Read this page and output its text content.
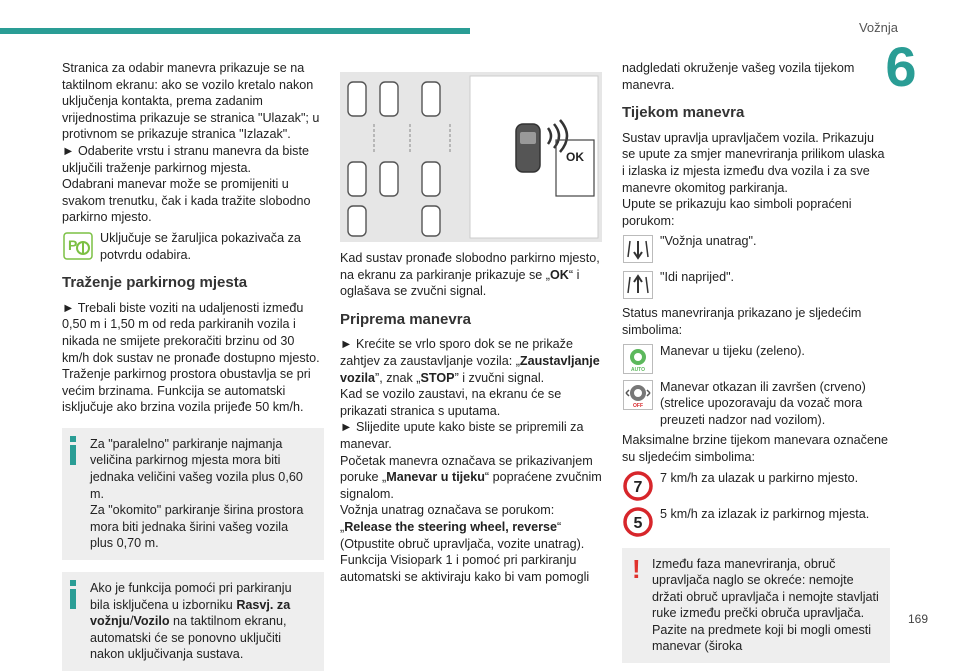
Vožnja
6
169

Stranica za odabir manevra prikazuje se na taktilnom ekranu: ako se vozilo kretalo nakon uključenja kontakta, prema zadanim vrijednostima prikazuje se stranica "Ulazak"; u protivnom se prikazuje stranica "Izlazak".

► Odaberite vrstu i stranu manevra da biste uključili traženje parkirnog mjesta.

Odabrani manevar može se promijeniti u svakom trenutku, čak i kada tražite slobodno parkirno mjesto.

P Uključuje se žaruljica pokazivača za potvrdu odabira.

Traženje parkirnog mjesta

► Trebali biste voziti na udaljenosti između 0,50 m i 1,50 m od reda parkiranih vozila i nikada ne smijete prekoračiti brzinu od 30 km/h dok sustav ne pronađe dostupno mjesto.

Traženje parkirnog prostora obustavlja se pri većim brzinama. Funkcija se automatski isključuje ako brzina vozila prijeđe 50 km/h.

Za "paralelno" parkiranje najmanja veličina parkirnog mjesta mora biti jednaka veličini vašeg vozila plus 0,60 m.

Za "okomito" parkiranje širina prostora mora biti jednaka širini vašeg vozila plus 0,70 m.

Ako je funkcija pomoći pri parkiranju bila isključena u izborniku Rasvj. za vožnju/Vozilo na taktilnom ekranu, automatski će se ponovno uključiti nakon uključivanja sustava.

OK

Kad sustav pronađe slobodno parkirno mjesto, na ekranu za parkiranje prikazuje se „OK“ i oglašava se zvučni signal.

Priprema manevra

► Krećite se vrlo sporo dok se ne prikaže zahtjev za zaustavljanje vozila: „Zaustavljanje vozila”, znak „STOP” i zvučni signal.

Kad se vozilo zaustavi, na ekranu će se prikazati stranica s uputama.

► Slijedite upute kako biste se pripremili za manevar.

Početak manevra označava se prikazivanjem poruke „Manevar u tijeku“ popraćene zvučnim signalom.

Vožnja unatrag označava se porukom: „Release the steering wheel, reverse“ (Otpustite obruč upravljača, vozite unatrag).

Funkcija Visiopark 1 i pomoć pri parkiranju automatski se aktiviraju kako bi vam pomogli

nadgledati okruženje vašeg vozila tijekom manevra.

Tijekom manevra

Sustav upravlja upravljačem vozila. Prikazuju se upute za smjer manevriranja prilikom ulaska i izlaska iz mjesta između dva vozila i za sve manevre okomitog parkiranja.

Upute se prikazuju kao simboli popraćeni porukom:

"Vožnja unatrag".

"Idi naprijed".

Status manevriranja prikazano je sljedećim simbolima:

AUTO

Manevar u tijeku (zeleno).

OFF

Manevar otkazan ili završen (crveno) (strelice upozoravaju da vozač mora preuzeti nadzor nad vozilom).

Maksimalne brzine tijekom manevara označene su sljedećim simbolima:

7

7 km/h za ulazak u parkirno mjesto.

5

5 km/h za izlazak iz parkirnog mjesta.

! Između faza manevriranja, obruč upravljača naglo se okreće: nemojte držati obruč upravljača i nemojte stavljati ruke između prečki obruča upravljača. Pazite na predmete koji bi mogli omesti manevar (široka
